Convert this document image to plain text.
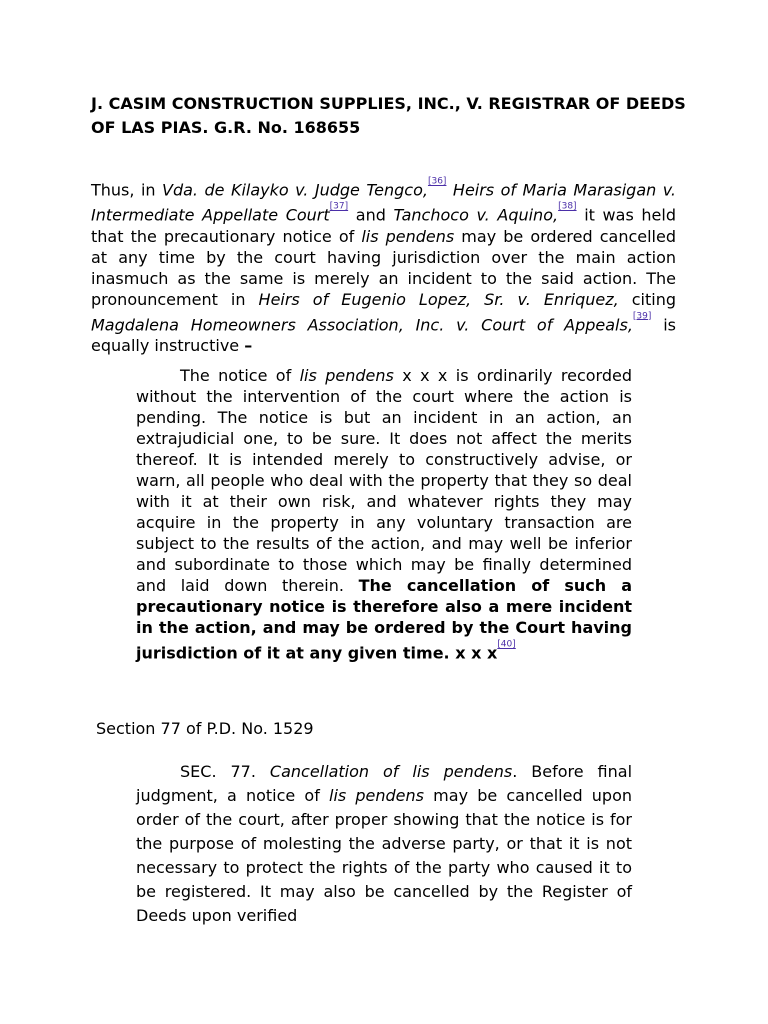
J. CASIM CONSTRUCTION SUPPLIES, INC., V. REGISTRAR OF DEEDS OF LAS PIAS. G.R. No. 168655

Thus, in Vda. de Kilayko v. Judge Tengco,[36] Heirs of Maria Marasigan v. Intermediate Appellate Court[37] and Tanchoco v. Aquino,[38] it was held that the precautionary notice of lis pendens may be ordered cancelled at any time by the court having jurisdiction over the main action inasmuch as the same is merely an incident to the said action. The pronouncement in Heirs of Eugenio Lopez, Sr. v. Enriquez, citing Magdalena Homeowners Association, Inc. v. Court of Appeals,[39] is equally instructive –

The notice of lis pendens x x x is ordinarily recorded without the intervention of the court where the action is pending. The notice is but an incident in an action, an extrajudicial one, to be sure. It does not affect the merits thereof. It is intended merely to constructively advise, or warn, all people who deal with the property that they so deal with it at their own risk, and whatever rights they may acquire in the property in any voluntary transaction are subject to the results of the action, and may well be inferior and subordinate to those which may be finally determined and laid down therein. The cancellation of such a precautionary notice is therefore also a mere incident in the action, and may be ordered by the Court having jurisdiction of it at any given time. x x x[40]

Section 77 of P.D. No. 1529

SEC. 77. Cancellation of lis pendens. Before final judgment, a notice of lis pendens may be cancelled upon order of the court, after proper showing that the notice is for the purpose of molesting the adverse party, or that it is not necessary to protect the rights of the party who caused it to be registered. It may also be cancelled by the Register of Deeds upon verified
